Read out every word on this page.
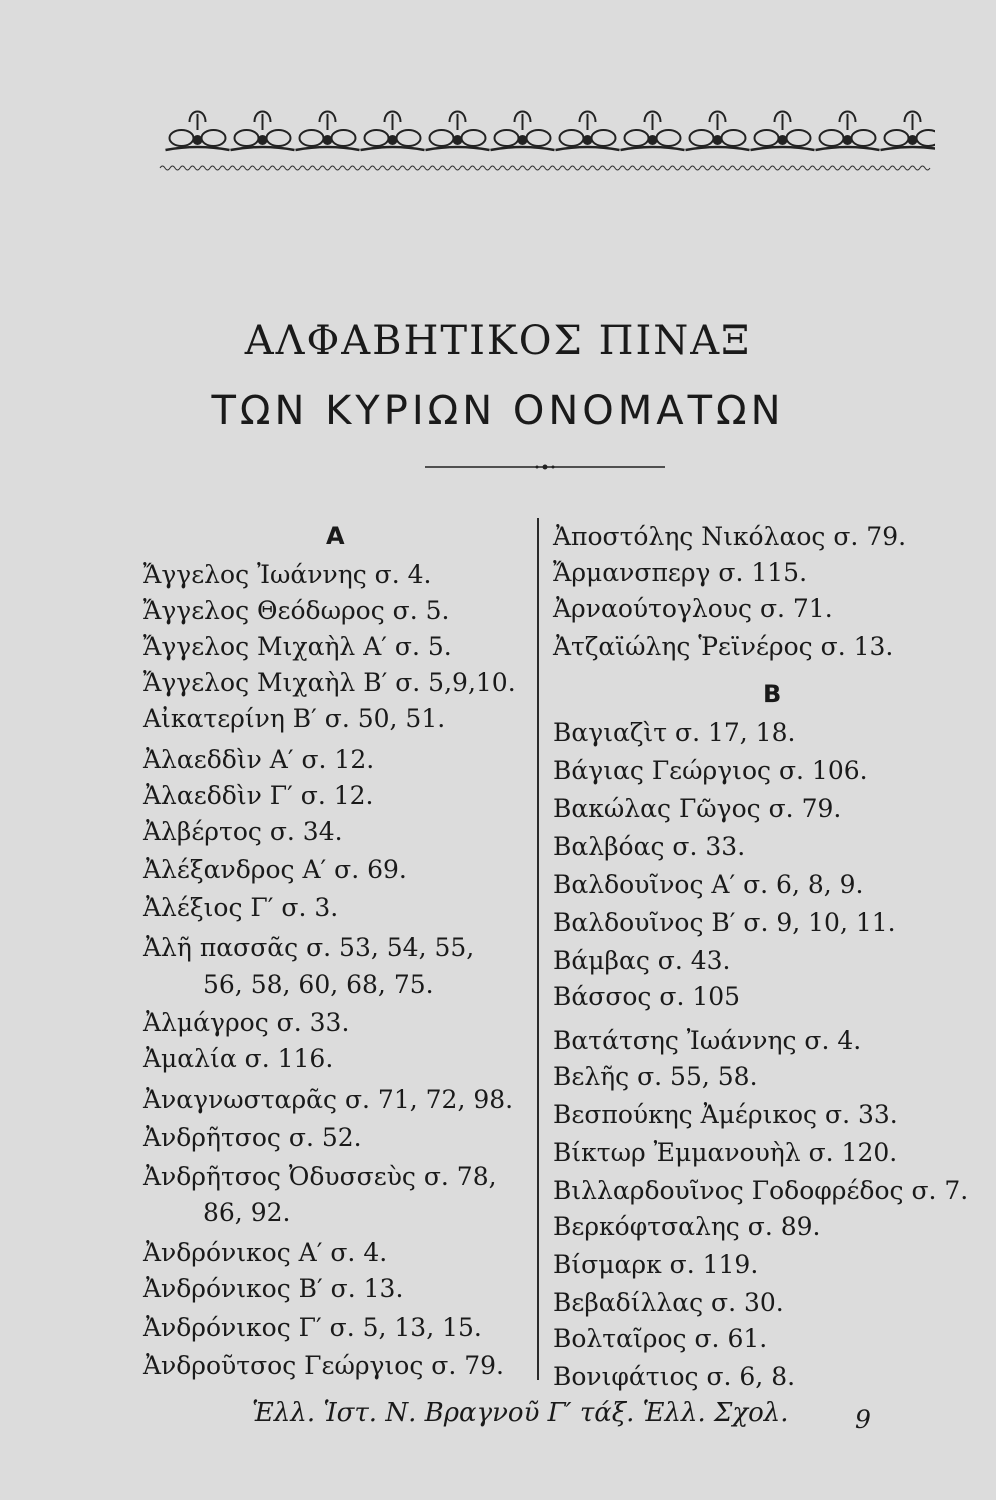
ΑΛΦΑΒΗΤΙΚΟΣ ΠΙΝΑΞ
ΤΩΝ ΚΥΡΙΩΝ ΟΝΟΜΑΤΩΝ
Α
Ἄγγελος Ἰωάννης σ. 4.
Ἄγγελος Θεόδωρος σ. 5.
Ἄγγελος Μιχαὴλ Α′ σ. 5.
Ἄγγελος Μιχαὴλ Β′ σ. 5,9,10.
Αἰκατερίνη Β′ σ. 50, 51.
Ἀλαεδδὶν Α′ σ. 12.
Ἀλαεδδὶν Γ′ σ. 12.
Ἀλβέρτος σ. 34.
Ἀλέξανδρος Α′ σ. 69.
Ἀλέξιος Γ′ σ. 3.
Ἀλῆ πασσᾶς σ. 53, 54, 55,
56, 58, 60, 68, 75.
Ἀλμάγρος σ. 33.
Ἀμαλία σ. 116.
Ἀναγνωσταρᾶς σ. 71, 72, 98.
Ἀνδρῆτσος σ. 52.
Ἀνδρῆτσος Ὀδυσσεὺς σ. 78,
86, 92.
Ἀνδρόνικος Α′ σ. 4.
Ἀνδρόνικος Β′ σ. 13.
Ἀνδρόνικος Γ′ σ. 5, 13, 15.
Ἀνδροῦτσος Γεώργιος σ. 79.
Ἀποστόλης Νικόλαος σ. 79.
Ἄρμανσπεργ σ. 115.
Ἀρναούτογλους σ. 71.
Ἀτζαϊώλης Ῥεϊνέρος σ. 13.
Β
Βαγιαζὶτ σ. 17, 18.
Βάγιας Γεώργιος σ. 106.
Βακώλας Γῶγος σ. 79.
Βαλβόας σ. 33.
Βαλδουῖνος Α′ σ. 6, 8, 9.
Βαλδουῖνος Β′ σ. 9, 10, 11.
Βάμβας σ. 43.
Βάσσος σ. 105
Βατάτσης Ἰωάννης σ. 4.
Βελῆς σ. 55, 58.
Βεσπούκης Ἀμέρικος σ. 33.
Βίκτωρ Ἐμμανουὴλ σ. 120.
Βιλλαρδουῖνος Γοδοφρέδος σ. 7.
Βερκόφτσαλης σ. 89.
Βίσμαρκ σ. 119.
Βεβαδίλλας σ. 30.
Βολταῖρος σ. 61.
Βονιφάτιος σ. 6, 8.
Ἑλλ. Ἱστ. Ν. Βραγνοῦ Γ′ τάξ. Ἑλλ. Σχολ.	9
